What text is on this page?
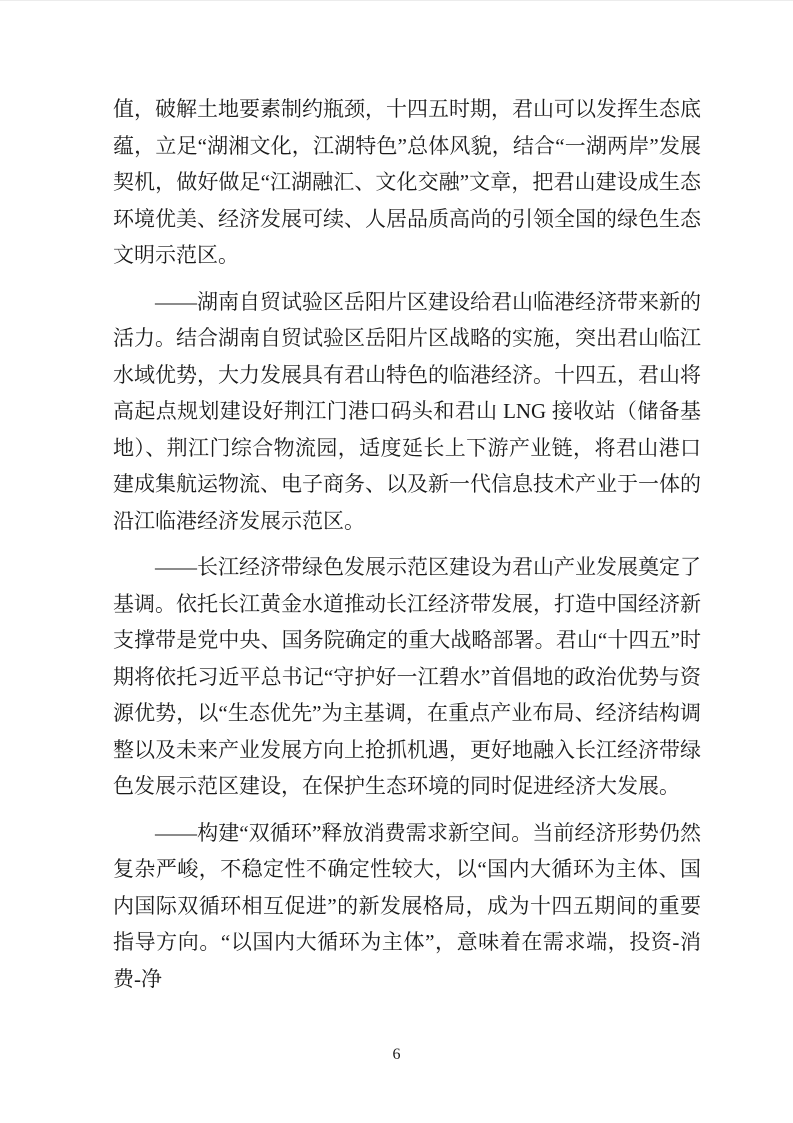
值，破解土地要素制约瓶颈，十四五时期，君山可以发挥生态底蕴，立足“湖湘文化，江湖特色”总体风貌，结合“一湖两岸”发展契机，做好做足“江湖融汇、文化交融”文章，把君山建设成生态环境优美、经济发展可续、人居品质高尚的引领全国的绿色生态文明示范区。

——湖南自贸试验区岳阳片区建设给君山临港经济带来新的活力。结合湖南自贸试验区岳阳片区战略的实施，突出君山临江水域优势，大力发展具有君山特色的临港经济。十四五，君山将高起点规划建设好荆江门港口码头和君山 LNG 接收站（储备基地）、荆江门综合物流园，适度延长上下游产业链，将君山港口建成集航运物流、电子商务、以及新一代信息技术产业于一体的沿江临港经济发展示范区。

——长江经济带绿色发展示范区建设为君山产业发展奠定了基调。依托长江黄金水道推动长江经济带发展，打造中国经济新支撑带是党中央、国务院确定的重大战略部署。君山“十四五”时期将依托习近平总书记“守护好一江碧水”首倡地的政治优势与资源优势，以“生态优先”为主基调，在重点产业布局、经济结构调整以及未来产业发展方向上抢抓机遇，更好地融入长江经济带绿色发展示范区建设，在保护生态环境的同时促进经济大发展。

——构建“双循环”释放消费需求新空间。当前经济形势仍然复杂严峻，不稳定性不确定性较大，以“国内大循环为主体、国内国际双循环相互促进”的新发展格局，成为十四五期间的重要指导方向。“以国内大循环为主体”，意味着在需求端，投资-消费-净

6
